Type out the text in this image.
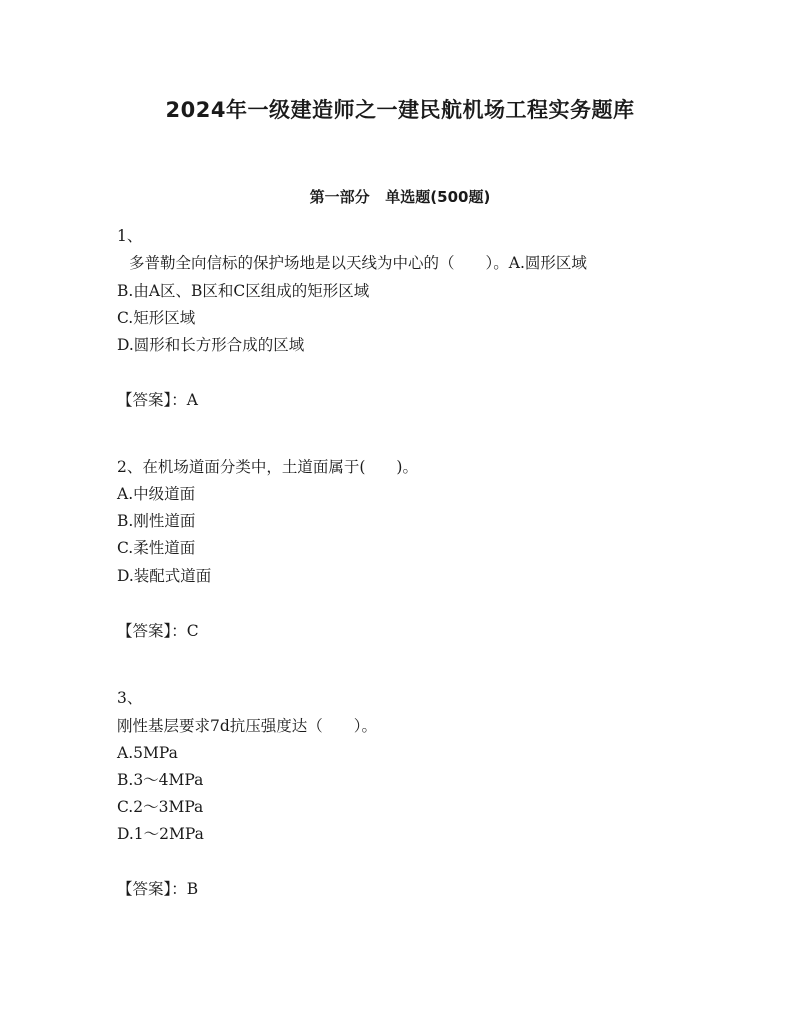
2024年一级建造师之一建民航机场工程实务题库
第一部分   单选题(500题)
1、
多普勒全向信标的保护场地是以天线为中心的（　　）。A.圆形区域
B.由A区、B区和C区组成的矩形区域
C.矩形区域
D.圆形和长方形合成的区域
【答案】：A
2、在机场道面分类中，土道面属于(　　)。
A.中级道面
B.刚性道面
C.柔性道面
D.装配式道面
【答案】：C
3、
刚性基层要求7d抗压强度达（　　）。
A.5MPa
B.3～4MPa
C.2～3MPa
D.1～2MPa
【答案】：B
